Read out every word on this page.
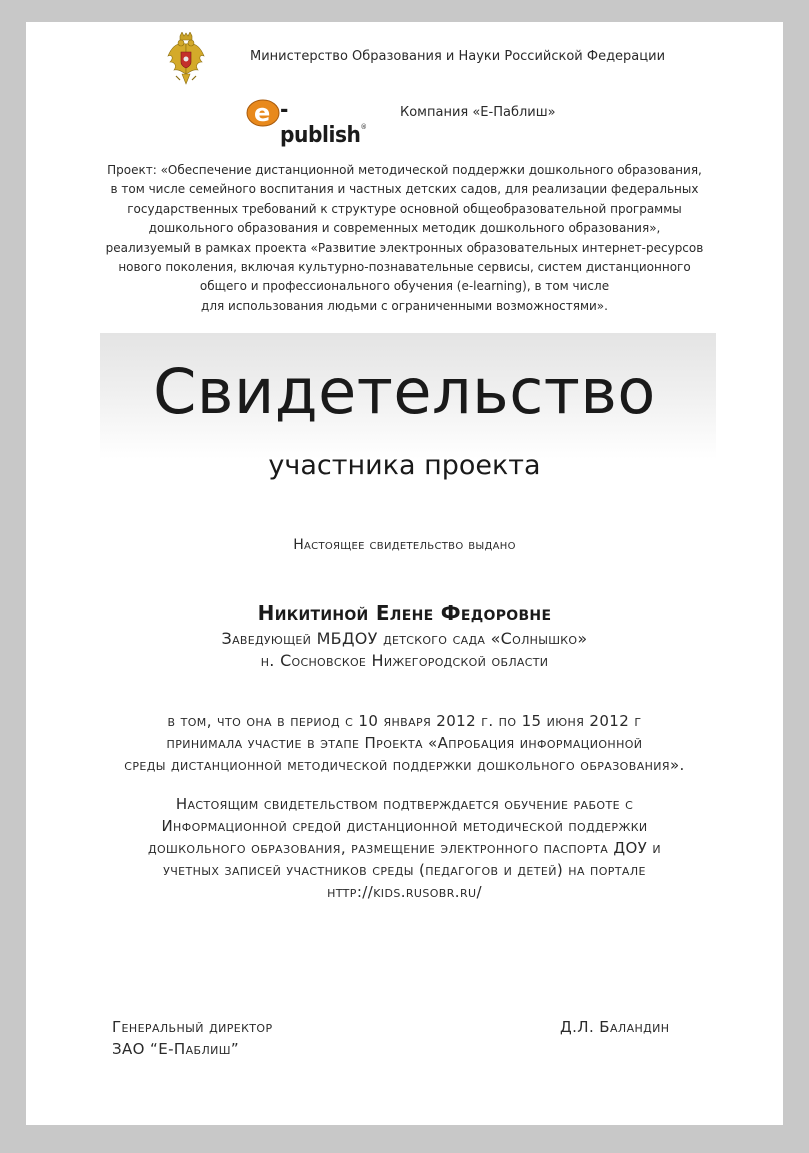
Министерство Образования и Науки Российской Федерации
e -publish®
Компания «Е-Паблиш»
Проект: «Обеспечение дистанционной методической поддержки дошкольного образования,
в том числе семейного воспитания и частных детских садов, для реализации федеральных
государственных требований к структуре основной общеобразовательной программы
дошкольного образования и современных методик дошкольного образования»,
реализуемый в рамках проекта «Развитие электронных образовательных интернет-ресурсов
нового поколения, включая культурно-познавательные сервисы, систем дистанционного
общего и профессионального обучения (e-learning), в том числе
для использования людьми с ограниченными возможностями».
Свидетельство
участника проекта
Настоящее свидетельство выдано
Никитиной Елене Федоровне
Заведующей МБДОУ детского сада «Солнышко»
н. Сосновское Нижегородской области
в том, что она в период с 10 января 2012 г. по 15 июня 2012 г
принимала участие в этапе Проекта «Апробация информационной
среды дистанционной методической поддержки дошкольного образования».
Настоящим свидетельством подтверждается обучение работе с
Информационной средой дистанционной методической поддержки
дошкольного образования, размещение электронного паспорта ДОУ и
учетных записей участников среды (педагогов и детей) на портале
http://kids.rusobr.ru/
Генеральный директор
ЗАО “Е-Паблиш”
Д.Л. Баландин
